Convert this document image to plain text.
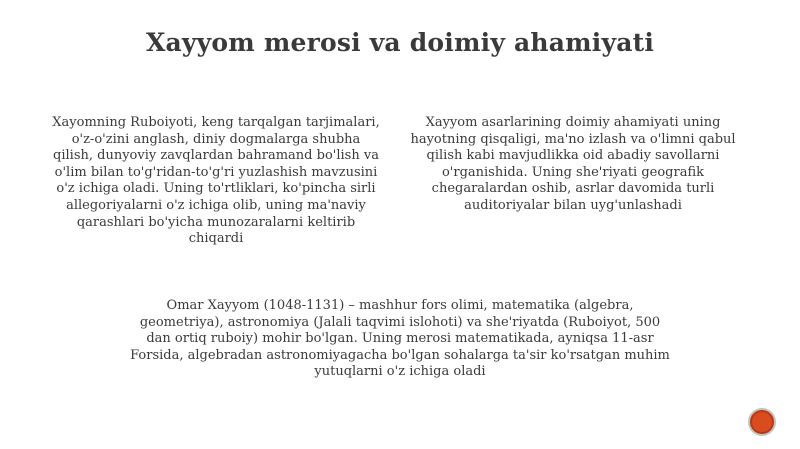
Xayyom merosi va doimiy ahamiyati

Xayomning Ruboiyoti, keng tarqalgan tarjimalari, o'z-o'zini anglash, diniy dogmalarga shubha qilish, dunyoviy zavqlardan bahramand bo'lish va o'lim bilan to'g'ridan-to'g'ri yuzlashish mavzusini o'z ichiga oladi. Uning to'rtliklari, ko'pincha sirli allegoriyalarni o'z ichiga olib, uning ma'naviy qarashlari bo'yicha munozaralarni keltirib chiqardi

Xayyom asarlarining doimiy ahamiyati uning hayotning qisqaligi, ma'no izlash va o'limni qabul qilish kabi mavjudlikka oid abadiy savollarni o'rganishida. Uning she'riyati geografik chegaralardan oshib, asrlar davomida turli auditoriyalar bilan uyg'unlashadi

Omar Xayyom (1048-1131) – mashhur fors olimi, matematika (algebra, geometriya), astronomiya (Jalali taqvimi islohoti) va she'riyatda (Ruboiyot, 500 dan ortiq ruboiy) mohir bo'lgan. Uning merosi matematikada, ayniqsa 11-asr Forsida, algebradan astronomiyagacha bo'lgan sohalarga ta'sir ko'rsatgan muhim yutuqlarni o'z ichiga oladi
